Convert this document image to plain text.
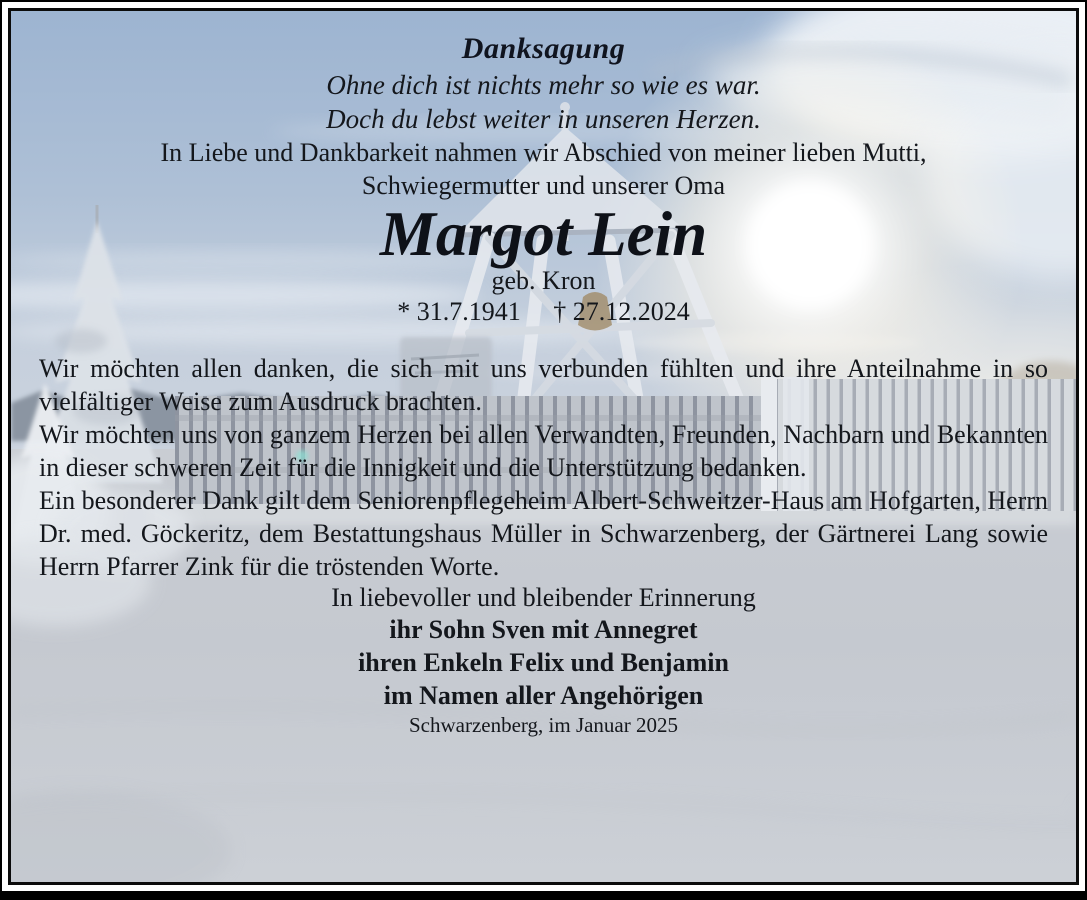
Danksagung

Ohne dich ist nichts mehr so wie es war.
Doch du lebst weiter in unseren Herzen.

In Liebe und Dankbarkeit nahmen wir Abschied von meiner lieben Mutti,
Schwiegermutter und unserer Oma

Margot Lein

geb. Kron

* 31.7.1941 † 27.12.2024

Wir möchten allen danken, die sich mit uns verbunden fühlten und ihre Anteilnahme in so vielfältiger Weise zum Ausdruck brachten.

Wir möchten uns von ganzem Herzen bei allen Verwandten, Freunden, Nachbarn und Bekannten in dieser schweren Zeit für die Innigkeit und die Unterstützung bedanken.

Ein besonderer Dank gilt dem Seniorenpflegeheim Albert-Schweitzer-Haus am Hofgarten, Herrn Dr. med. Göckeritz, dem Bestattungshaus Müller in Schwarzenberg, der Gärtnerei Lang sowie Herrn Pfarrer Zink für die tröstenden Worte.

In liebevoller und bleibender Erinnerung

ihr Sohn Sven mit Annegret
ihren Enkeln Felix und Benjamin
im Namen aller Angehörigen

Schwarzenberg, im Januar 2025
